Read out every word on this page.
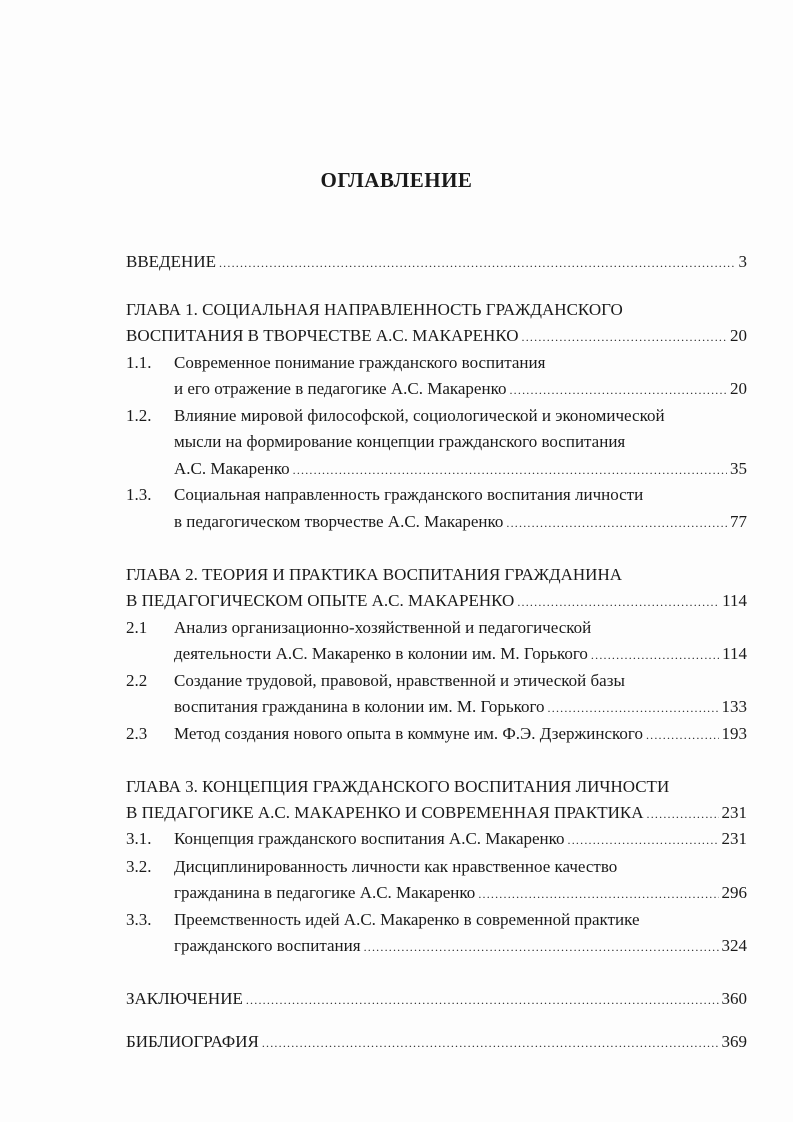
ОГЛАВЛЕНИЕ
ВВЕДЕНИЕ .....	3
ГЛАВА 1. СОЦИАЛЬНАЯ НАПРАВЛЕННОСТЬ ГРАЖДАНСКОГО
ВОСПИТАНИЯ В ТВОРЧЕСТВЕ А.С. МАКАРЕНКО .....	20
1.1. Современное понимание гражданского воспитания
и его отражение в педагогике А.С. Макаренко .....	20
1.2. Влияние мировой философской, социологической и экономической
мысли на формирование концепции гражданского воспитания
А.С. Макаренко .....	35
1.3. Социальная направленность гражданского воспитания личности
в педагогическом творчестве А.С. Макаренко .....	77
ГЛАВА 2. ТЕОРИЯ И ПРАКТИКА ВОСПИТАНИЯ ГРАЖДАНИНА
В ПЕДАГОГИЧЕСКОМ ОПЫТЕ А.С. МАКАРЕНКО .....	114
2.1 Анализ организационно-хозяйственной и педагогической
деятельности А.С. Макаренко в колонии им. М. Горького .....	114
2.2 Создание трудовой, правовой, нравственной и этической базы
воспитания гражданина в колонии им. М. Горького .....	133
2.3 Метод создания нового опыта в коммуне им. Ф.Э. Дзержинского .....	193
ГЛАВА 3. КОНЦЕПЦИЯ ГРАЖДАНСКОГО ВОСПИТАНИЯ ЛИЧНОСТИ
В ПЕДАГОГИКЕ А.С. МАКАРЕНКО И СОВРЕМЕННАЯ ПРАКТИКА .....	231
3.1. Концепция гражданского воспитания А.С. Макаренко .....	231
3.2. Дисциплинированность личности как нравственное качество
гражданина в педагогике А.С. Макаренко .....	296
3.3. Преемственность идей А.С. Макаренко в современной практике
гражданского воспитания .....	324
ЗАКЛЮЧЕНИЕ .....	360
БИБЛИОГРАФИЯ .....	369
